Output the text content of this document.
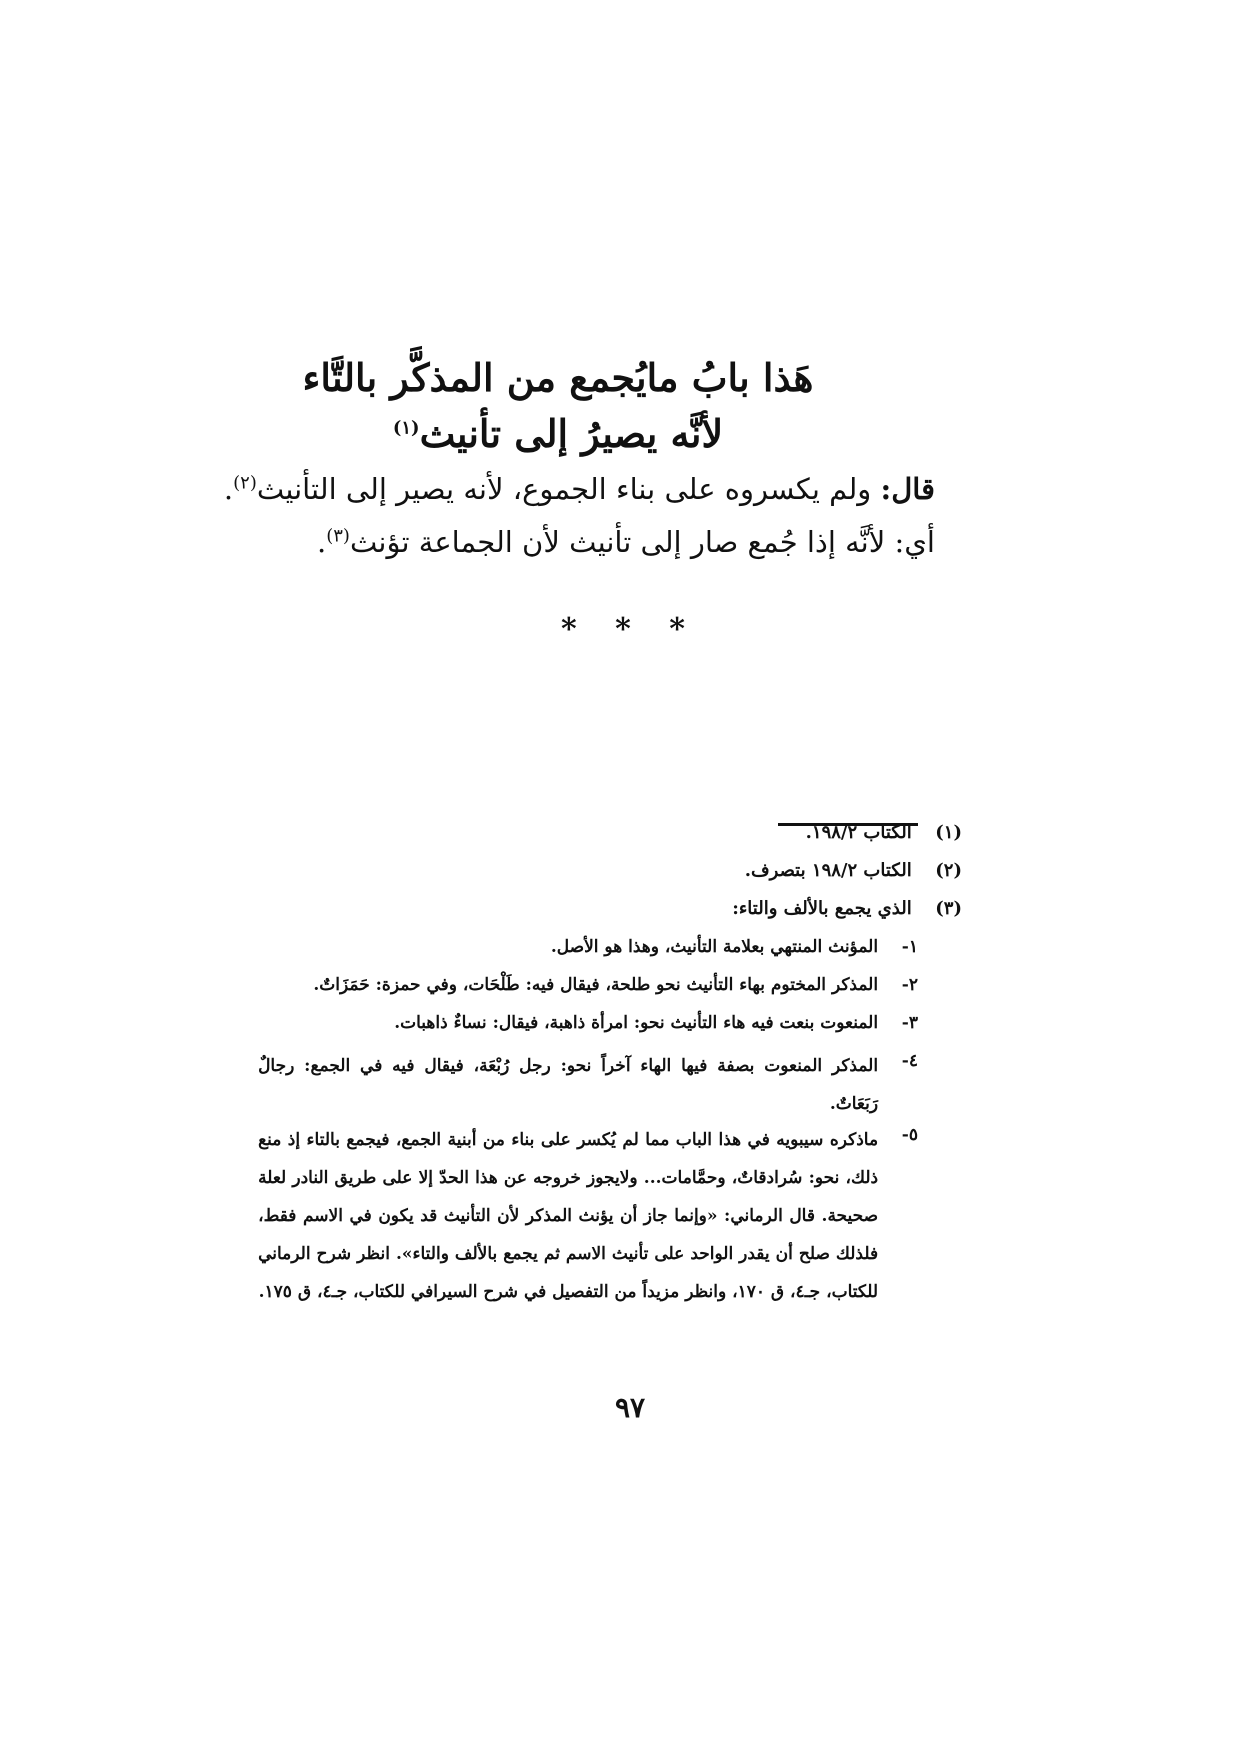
هَذا بابُ مايُجمع من المذكَّر بالتَّاء
لأنَّه يصيرُ إلى تأنيث$^{(١)}$
قال: ولم يكسروه على بناء الجموع، لأنه يصير إلى التأنيث$^{(٢)}$.
أي: لأنَّه إذا جُمع صار إلى تأنيث لأن الجماعة تؤنث$^{(٣)}$.
* * *
(١) الكتاب ١٩٨/٢.
(٢) الكتاب ١٩٨/٢ بتصرف.
(٣) الذي يجمع بالألف والتاء:
١- المؤنث المنتهي بعلامة التأنيث، وهذا هو الأصل.
٢- المذكر المختوم بهاء التأنيث نحو طلحة، فيقال فيه: طَلْحَات، وفي حمزة: حَمَزَاتٌ.
٣- المنعوت بنعت فيه هاء التأنيث نحو: امرأة ذاهبة، فيقال: نساءٌ ذاهبات.
٤- المذكر المنعوت بصفة فيها الهاء آخراً نحو: رجل رُبْعَة، فيقال فيه في الجمع: رجالٌ رَبَعَاتٌ.
٥- ماذكره سيبويه في هذا الباب مما لم يُكسر على بناء من أبنية الجمع، فيجمع بالتاء إذ منع ذلك، نحو: سُرادقاتٌ، وحمَّامات... ولايجوز خروجه عن هذا الحدّ إلا على طريق النادر لعلة صحيحة. قال الرماني: «وإنما جاز أن يؤنث المذكر لأن التأنيث قد يكون في الاسم فقط، فلذلك صلح أن يقدر الواحد على تأنيث الاسم ثم يجمع بالألف والتاء». انظر شرح الرماني للكتاب، جـ٤، ق ١٧٠، وانظر مزيداً من التفصيل في شرح السيرافي للكتاب، جـ٤، ق ١٧٥.
٩٧
